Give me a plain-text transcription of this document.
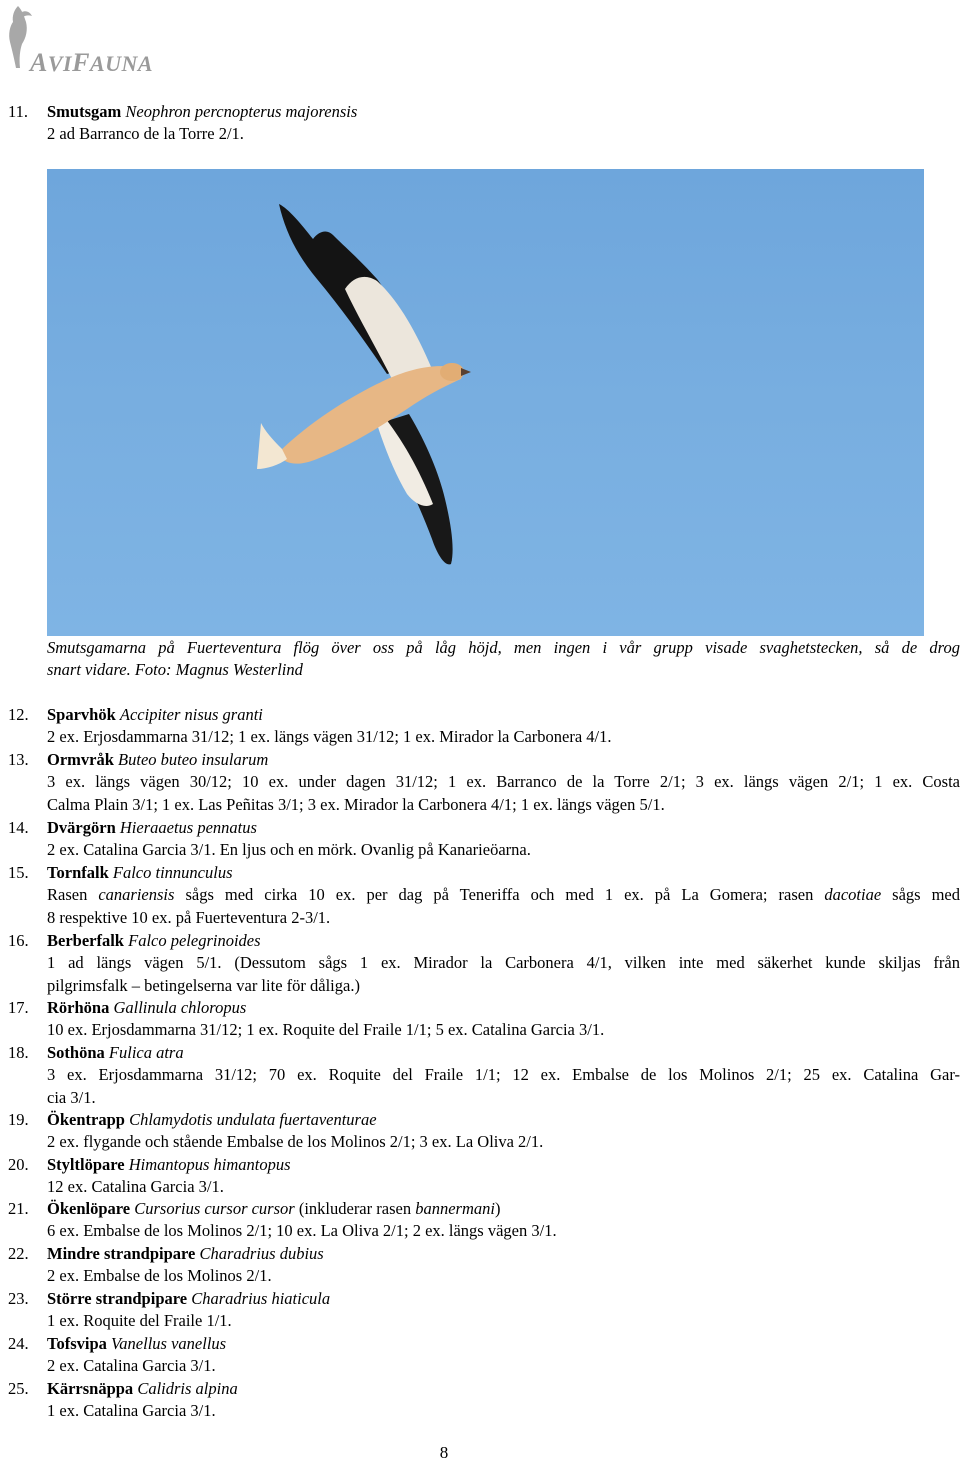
AVIFAUNA
11. Smutsgam Neophron percnopterus majorensis
2 ad Barranco de la Torre 2/1.
Smutsgamarna på Fuerteventura flög över oss på låg höjd, men ingen i vår grupp visade svaghetstecken, så de drog
snart vidare. Foto: Magnus Westerlind
12. Sparvhök Accipiter nisus granti
2 ex. Erjosdammarna 31/12; 1 ex. längs vägen 31/12; 1 ex. Mirador la Carbonera 4/1.
13. Ormvråk Buteo buteo insularum
3 ex. längs vägen 30/12; 10 ex. under dagen 31/12; 1 ex. Barranco de la Torre 2/1; 3 ex. längs vägen 2/1; 1 ex. Costa
Calma Plain 3/1; 1 ex. Las Peñitas 3/1; 3 ex. Mirador la Carbonera 4/1; 1 ex. längs vägen 5/1.
14. Dvärgörn Hieraaetus pennatus
2 ex. Catalina Garcia 3/1. En ljus och en mörk. Ovanlig på Kanarieöarna.
15. Tornfalk Falco tinnunculus
Rasen canariensis sågs med cirka 10 ex. per dag på Teneriffa och med 1 ex. på La Gomera; rasen dacotiae sågs med
8 respektive 10 ex. på Fuerteventura 2-3/1.
16. Berberfalk Falco pelegrinoides
1 ad längs vägen 5/1. (Dessutom sågs 1 ex. Mirador la Carbonera 4/1, vilken inte med säkerhet kunde skiljas från
pilgrimsfalk – betingelserna var lite för dåliga.)
17. Rörhöna Gallinula chloropus
10 ex. Erjosdammarna 31/12; 1 ex. Roquite del Fraile 1/1; 5 ex. Catalina Garcia 3/1.
18. Sothöna Fulica atra
3 ex. Erjosdammarna 31/12; 70 ex. Roquite del Fraile 1/1; 12 ex. Embalse de los Molinos 2/1; 25 ex. Catalina Gar-
cia 3/1.
19. Ökentrapp Chlamydotis undulata fuertaventurae
2 ex. flygande och stående Embalse de los Molinos 2/1; 3 ex. La Oliva 2/1.
20. Styltlöpare Himantopus himantopus
12 ex. Catalina Garcia 3/1.
21. Ökenlöpare Cursorius cursor cursor (inkluderar rasen bannermani)
6 ex. Embalse de los Molinos 2/1; 10 ex. La Oliva 2/1; 2 ex. längs vägen 3/1.
22. Mindre strandpipare Charadrius dubius
2 ex. Embalse de los Molinos 2/1.
23. Större strandpipare Charadrius hiaticula
1 ex. Roquite del Fraile 1/1.
24. Tofsvipa Vanellus vanellus
2 ex. Catalina Garcia 3/1.
25. Kärrsnäppa Calidris alpina
1 ex. Catalina Garcia 3/1.
8
